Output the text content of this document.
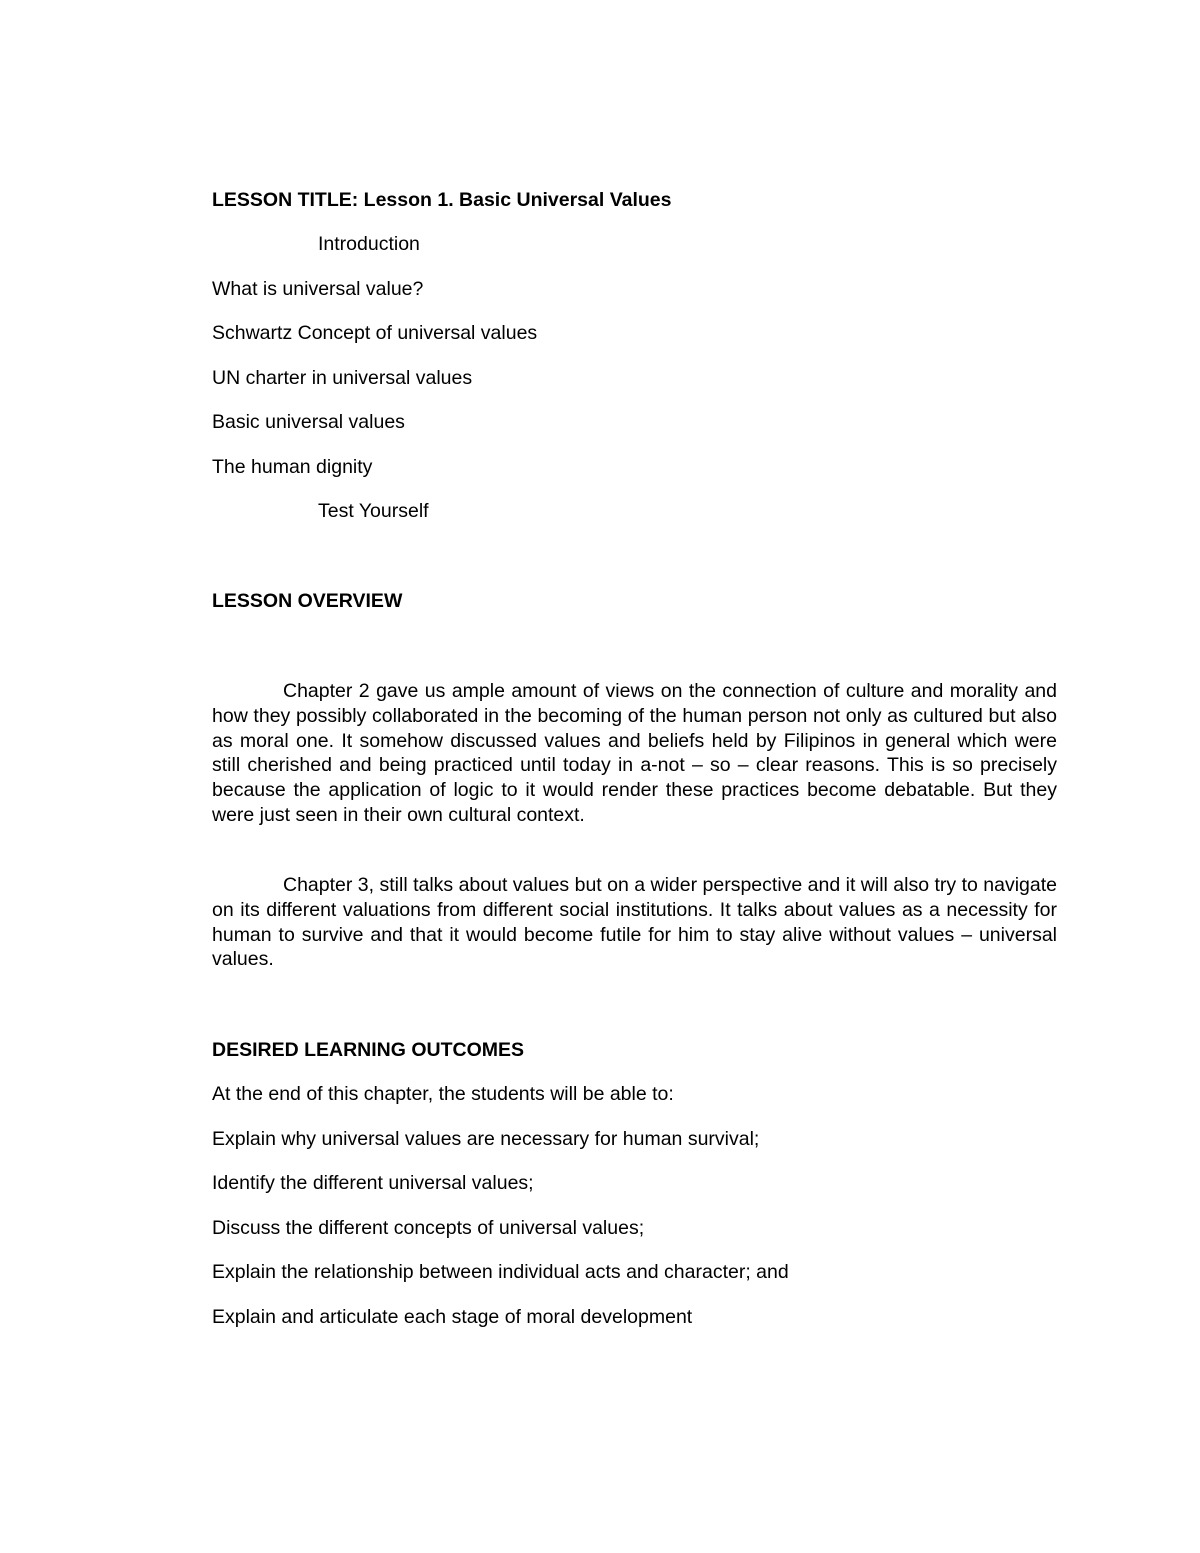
LESSON TITLE: Lesson 1. Basic Universal Values
Introduction
What is universal value?
Schwartz Concept of universal values
UN charter in universal values
Basic universal values
The human dignity
Test Yourself
LESSON OVERVIEW
Chapter 2 gave us ample amount of views on the connection of culture and morality and how they possibly collaborated in the becoming of the human person not only as cultured but also as moral one. It somehow discussed values and beliefs held by Filipinos in general which were still cherished and being practiced until today in a-not – so – clear reasons. This is so precisely because the application of logic to it would render these practices become debatable. But they were just seen in their own cultural context.
Chapter 3, still talks about values but on a wider perspective and it will also try to navigate on its different valuations from different social institutions. It talks about values as a necessity for human to survive and that it would become futile for him to stay alive without values – universal values.
DESIRED LEARNING OUTCOMES
At the end of this chapter, the students will be able to:
Explain why universal values are necessary for human survival;
Identify the different universal values;
Discuss the different concepts of universal values;
Explain the relationship between individual acts and character; and
Explain and articulate each stage of moral development
